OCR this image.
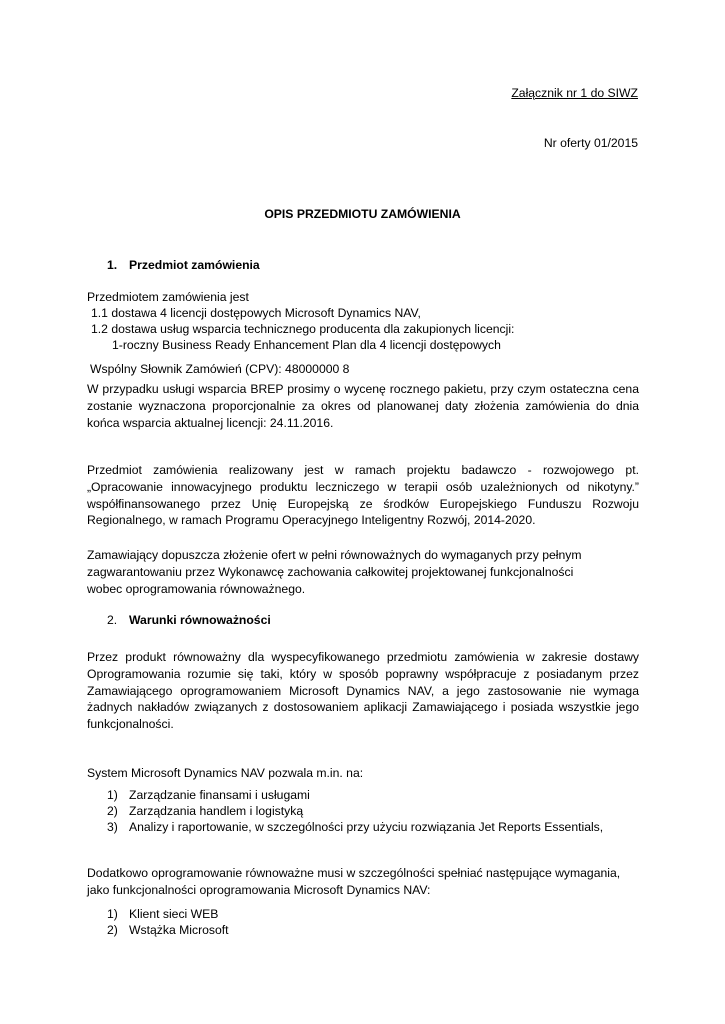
Załącznik nr 1 do SIWZ
Nr oferty 01/2015
OPIS PRZEDMIOTU ZAMÓWIENIA
1. Przedmiot zamówienia
Przedmiotem zamówienia jest
1.1 dostawa 4 licencji dostępowych Microsoft Dynamics NAV,
1.2 dostawa usług wsparcia technicznego producenta dla zakupionych licencji:
1-roczny Business Ready Enhancement Plan dla 4 licencji dostępowych
Wspólny Słownik Zamówień (CPV): 48000000 8
W przypadku usługi wsparcia BREP prosimy o wycenę rocznego pakietu, przy czym ostateczna cena zostanie wyznaczona proporcjonalnie za okres od planowanej daty złożenia zamówienia do dnia końca wsparcia aktualnej licencji: 24.11.2016.
Przedmiot zamówienia realizowany jest w ramach projektu badawczo - rozwojowego pt. „Opracowanie innowacyjnego produktu leczniczego w terapii osób uzależnionych od nikotyny.” współfinansowanego przez Unię Europejską ze środków Europejskiego Funduszu Rozwoju Regionalnego, w ramach Programu Operacyjnego Inteligentny Rozwój, 2014-2020.
Zamawiający dopuszcza złożenie ofert w pełni równoważnych do wymaganych przy pełnym
zagwarantowaniu przez Wykonawcę zachowania całkowitej projektowanej funkcjonalności
wobec oprogramowania równoważnego.
2. Warunki równoważności
Przez produkt równoważny dla wyspecyfikowanego przedmiotu zamówienia w zakresie dostawy Oprogramowania rozumie się taki, który w sposób poprawny współpracuje z posiadanym przez Zamawiającego oprogramowaniem Microsoft Dynamics NAV, a jego zastosowanie nie wymaga żadnych nakładów związanych z dostosowaniem aplikacji Zamawiającego i posiada wszystkie jego funkcjonalności.
System Microsoft Dynamics NAV pozwala m.in. na:
1) Zarządzanie finansami i usługami
2) Zarządzania handlem i logistyką
3) Analizy i raportowanie, w szczególności przy użyciu rozwiązania Jet Reports Essentials,
Dodatkowo oprogramowanie równoważne musi w szczególności spełniać następujące wymagania, jako funkcjonalności oprogramowania Microsoft Dynamics NAV:
1) Klient sieci WEB
2) Wstążka Microsoft
